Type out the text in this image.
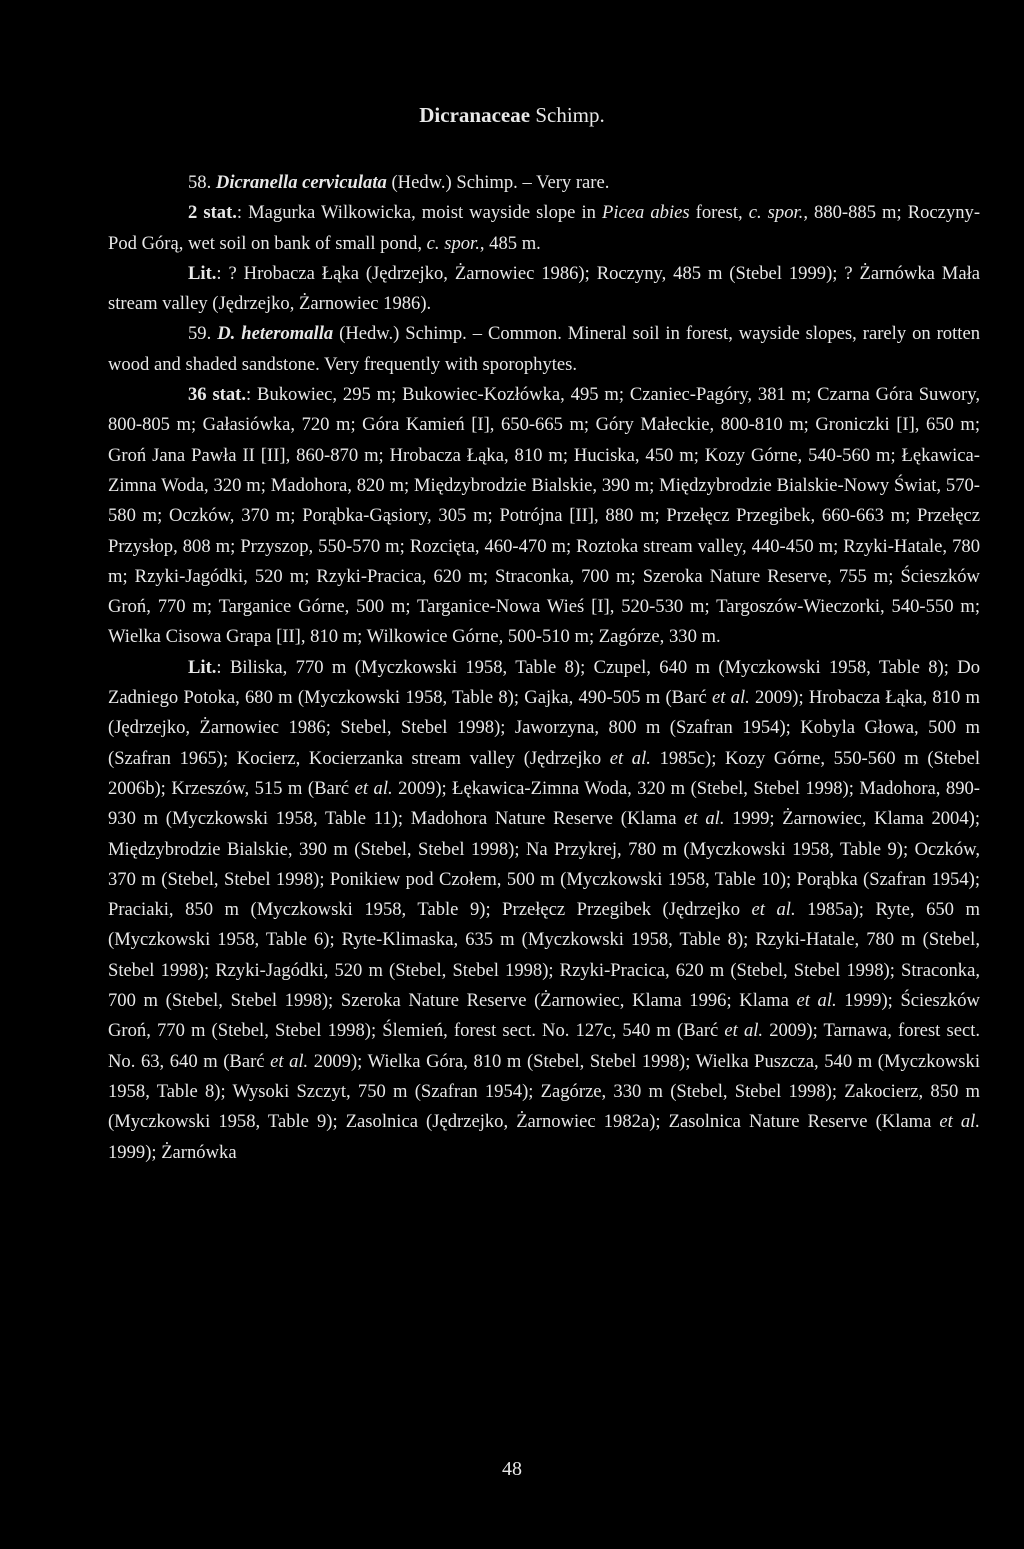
Dicranaceae Schimp.

58. Dicranella cerviculata (Hedw.) Schimp. – Very rare.

2 stat.: Magurka Wilkowicka, moist wayside slope in Picea abies forest, c. spor., 880-885 m; Roczyny-Pod Górą, wet soil on bank of small pond, c. spor., 485 m.

Lit.: ? Hrobacza Łąka (Jędrzejko, Żarnowiec 1986); Roczyny, 485 m (Stebel 1999); ? Żarnówka Mała stream valley (Jędrzejko, Żarnowiec 1986).

59. D. heteromalla (Hedw.) Schimp. – Common. Mineral soil in forest, wayside slopes, rarely on rotten wood and shaded sandstone. Very frequently with sporophytes.

36 stat.: Bukowiec, 295 m; Bukowiec-Kozłówka, 495 m; Czaniec-Pagóry, 381 m; Czarna Góra Suwory, 800-805 m; Gałasiówka, 720 m; Góra Kamień [I], 650-665 m; Góry Małeckie, 800-810 m; Groniczki [I], 650 m; Groń Jana Pawła II [II], 860-870 m; Hrobacza Łąka, 810 m; Huciska, 450 m; Kozy Górne, 540-560 m; Łękawica-Zimna Woda, 320 m; Madohora, 820 m; Międzybrodzie Bialskie, 390 m; Międzybrodzie Bialskie-Nowy Świat, 570-580 m; Oczków, 370 m; Porąbka-Gąsiory, 305 m; Potrójna [II], 880 m; Przełęcz Przegibek, 660-663 m; Przełęcz Przysłop, 808 m; Przyszop, 550-570 m; Rozcięta, 460-470 m; Roztoka stream valley, 440-450 m; Rzyki-Hatale, 780 m; Rzyki-Jagódki, 520 m; Rzyki-Pracica, 620 m; Straconka, 700 m; Szeroka Nature Reserve, 755 m; Ścieszków Groń, 770 m; Targanice Górne, 500 m; Targanice-Nowa Wieś [I], 520-530 m; Targoszów-Wieczorki, 540-550 m; Wielka Cisowa Grapa [II], 810 m; Wilkowice Górne, 500-510 m; Zagórze, 330 m.

Lit.: Biliska, 770 m (Myczkowski 1958, Table 8); Czupel, 640 m (Myczkowski 1958, Table 8); Do Zadniego Potoka, 680 m (Myczkowski 1958, Table 8); Gajka, 490-505 m (Barć et al. 2009); Hrobacza Łąka, 810 m (Jędrzejko, Żarnowiec 1986; Stebel, Stebel 1998); Jaworzyna, 800 m (Szafran 1954); Kobyla Głowa, 500 m (Szafran 1965); Kocierz, Kocierzanka stream valley (Jędrzejko et al. 1985c); Kozy Górne, 550-560 m (Stebel 2006b); Krzeszów, 515 m (Barć et al. 2009); Łękawica-Zimna Woda, 320 m (Stebel, Stebel 1998); Madohora, 890-930 m (Myczkowski 1958, Table 11); Madohora Nature Reserve (Klama et al. 1999; Żarnowiec, Klama 2004); Międzybrodzie Bialskie, 390 m (Stebel, Stebel 1998); Na Przykrej, 780 m (Myczkowski 1958, Table 9); Oczków, 370 m (Stebel, Stebel 1998); Ponikiew pod Czołem, 500 m (Myczkowski 1958, Table 10); Porąbka (Szafran 1954); Praciaki, 850 m (Myczkowski 1958, Table 9); Przełęcz Przegibek (Jędrzejko et al. 1985a); Ryte, 650 m (Myczkowski 1958, Table 6); Ryte-Klimaska, 635 m (Myczkowski 1958, Table 8); Rzyki-Hatale, 780 m (Stebel, Stebel 1998); Rzyki-Jagódki, 520 m (Stebel, Stebel 1998); Rzyki-Pracica, 620 m (Stebel, Stebel 1998); Straconka, 700 m (Stebel, Stebel 1998); Szeroka Nature Reserve (Żarnowiec, Klama 1996; Klama et al. 1999); Ścieszków Groń, 770 m (Stebel, Stebel 1998); Ślemień, forest sect. No. 127c, 540 m (Barć et al. 2009); Tarnawa, forest sect. No. 63, 640 m (Barć et al. 2009); Wielka Góra, 810 m (Stebel, Stebel 1998); Wielka Puszcza, 540 m (Myczkowski 1958, Table 8); Wysoki Szczyt, 750 m (Szafran 1954); Zagórze, 330 m (Stebel, Stebel 1998); Zakocierz, 850 m (Myczkowski 1958, Table 9); Zasolnica (Jędrzejko, Żarnowiec 1982a); Zasolnica Nature Reserve (Klama et al. 1999); Żarnówka

48
